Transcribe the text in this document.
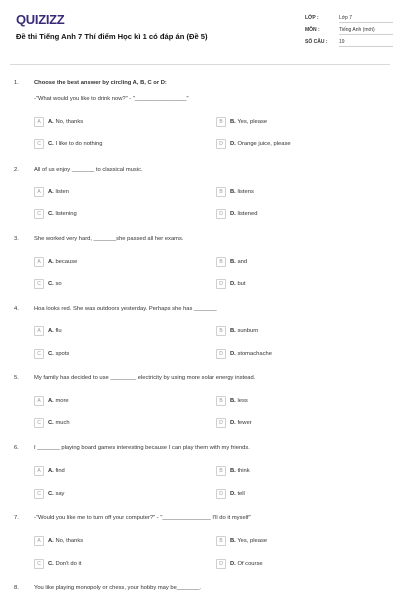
QUIZIZZ
Đề thi Tiếng Anh 7 Thí điểm Học kì 1 có đáp án (Đề 5)
LỚP :	Lớp 7
MÔN :	Tiếng Anh (mới)
SỐ CÂU :	19
1.	Choose the best answer by circling A, B, C or D:
-"What would you like to drink now?" - "________________"
A	A. No, thanks	B	B. Yes, please
C	C. I like to do nothing	D	D. Orange juice, please
2.	All of us enjoy _______ to classical music.
A	A. listen	B	B. listens
C	C. listening	D	D. listened
3.	She worked very hard, _______she passed all her exams.
A	A. because	B	B. and
C	C. so	D	D. but
4.	Hoa looks red. She was outdoors yesterday. Perhaps she has _______
A	A. flu	B	B. sunburn
C	C. spots	D	D. stomachache
5.	My family has decided to use ________ electricity by using more solar energy instead.
A	A. more	B	B. less
C	C. much	D	D. fewer
6.	I _______ playing board games interesting because I can play them with my friends.
A	A. find	B	B. think
C	C. say	D	D. tell
7.	-"Would you like me to turn off your computer?" - "_______________ I'll do it myself"
A	A. No, thanks	B	B. Yes, please
C	C. Don't do it	D	D. Of course
8.	You like playing monopoly or chess, your hobby may be_______.
